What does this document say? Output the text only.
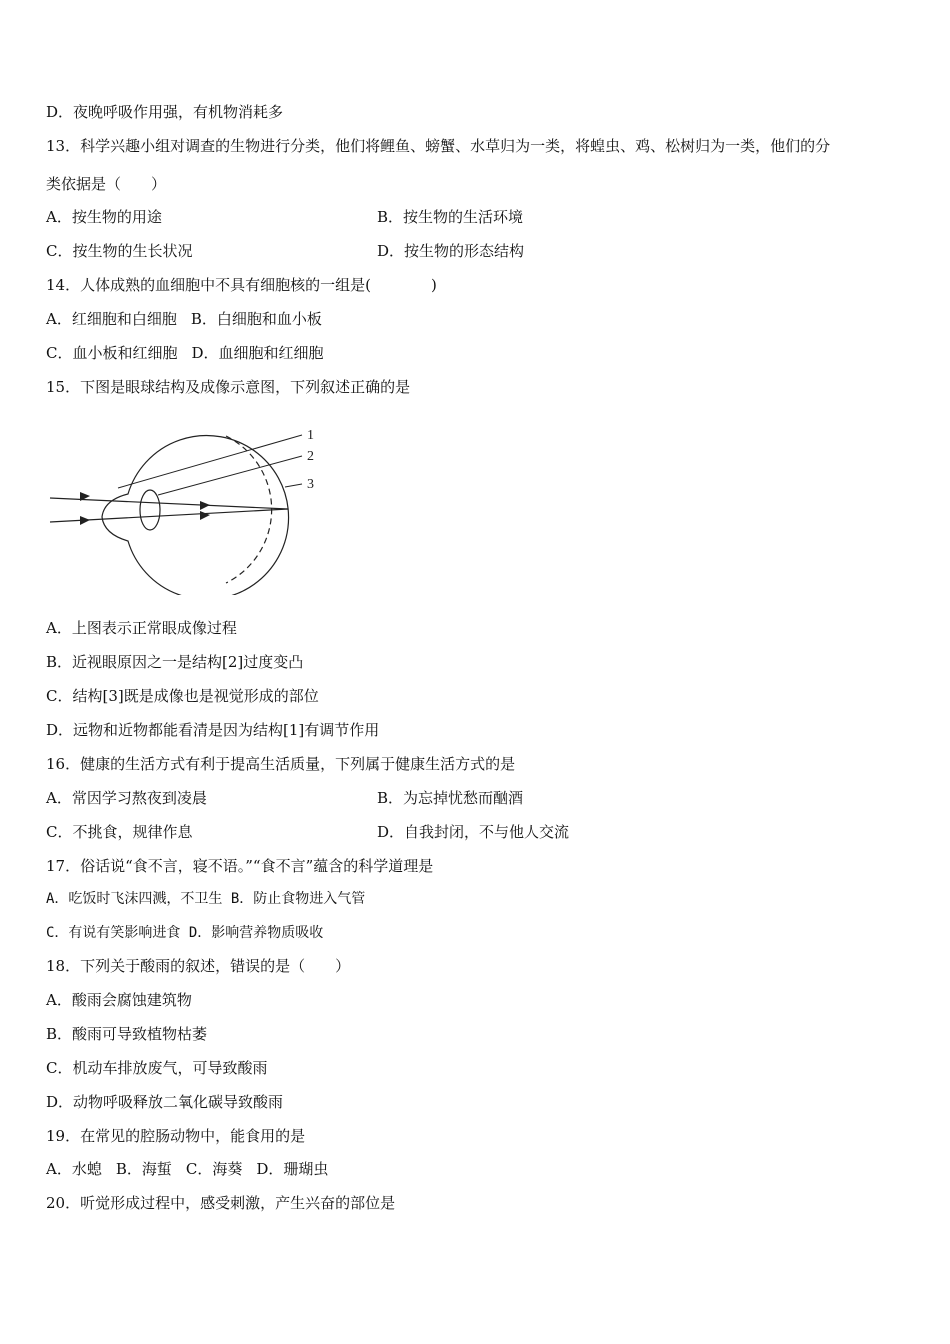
D．夜晚呼吸作用强，有机物消耗多
13．科学兴趣小组对调查的生物进行分类，他们将鲤鱼、螃蟹、水草归为一类，将蝗虫、鸡、松树归为一类，他们的分
类依据是（　　）
A．按生物的用途	B．按生物的生活环境
C．按生物的生长状况	D．按生物的形态结构
14．人体成熟的血细胞中不具有细胞核的一组是(　　　　)
A．红细胞和白细胞 B．白细胞和血小板
C．血小板和红细胞 D．血细胞和红细胞
15．下图是眼球结构及成像示意图，下列叙述正确的是
1
2
3
A．上图表示正常眼成像过程
B．近视眼原因之一是结构[2]过度变凸
C．结构[3]既是成像也是视觉形成的部位
D．远物和近物都能看清是因为结构[1]有调节作用
16．健康的生活方式有利于提高生活质量，下列属于健康生活方式的是
A．常因学习熬夜到凌晨	B．为忘掉忧愁而酗酒
C．不挑食，规律作息	D．自我封闭，不与他人交流
17．俗话说“食不言，寝不语。”“食不言”蕴含的科学道理是
A．吃饭时飞沫四溅，不卫生 B．防止食物进入气管
C．有说有笑影响进食 D．影响营养物质吸收
18．下列关于酸雨的叙述，错误的是（　　）
A．酸雨会腐蚀建筑物
B．酸雨可导致植物枯萎
C．机动车排放废气，可导致酸雨
D．动物呼吸释放二氧化碳导致酸雨
19．在常见的腔肠动物中，能食用的是
A．水螅 B．海蜇 C．海葵 D．珊瑚虫
20．听觉形成过程中，感受刺激，产生兴奋的部位是
